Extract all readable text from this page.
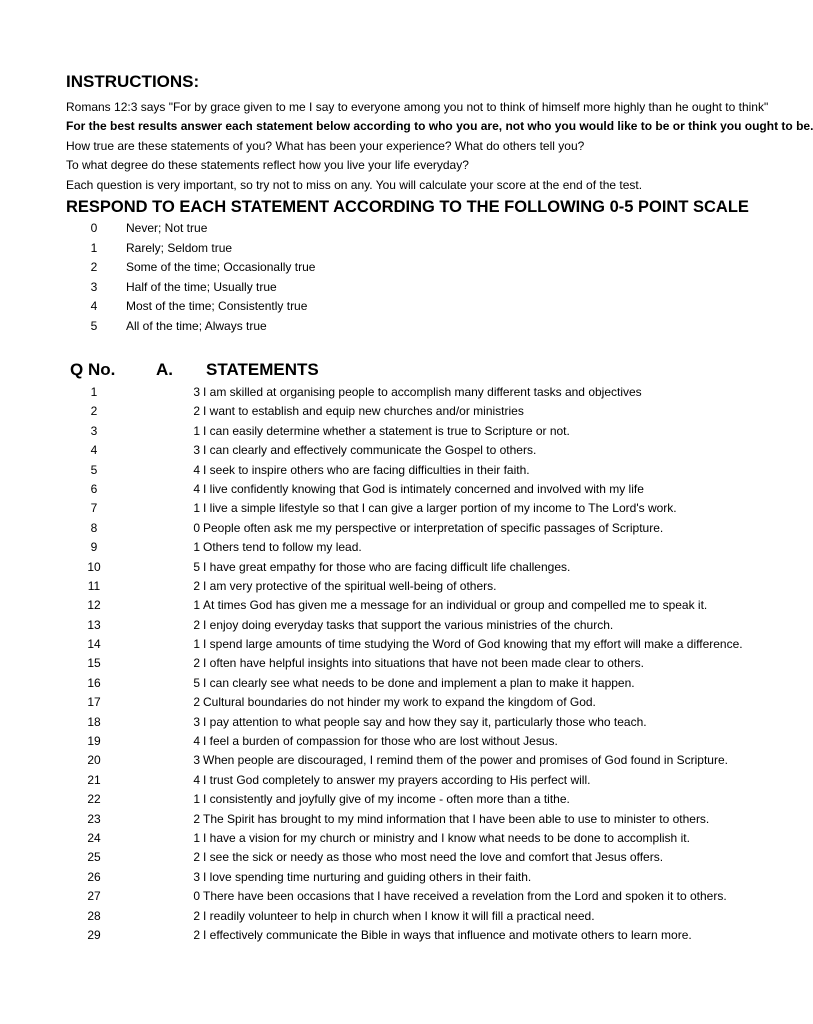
INSTRUCTIONS:
Romans 12:3 says "For by grace given to me I say to everyone among you not to think of himself more highly than he ought to think"
For the best results answer each statement below according to who you are, not who you would like to be or think you ought to be.
How true are these statements of you? What has been your experience? What do others tell you?
To what degree do these statements reflect how you live your life everyday?
Each question is very important, so try not to miss on any. You will calculate your score at the end of the test.
RESPOND TO EACH STATEMENT ACCORDING TO THE FOLLOWING 0-5 POINT SCALE
0 Never; Not true
1 Rarely; Seldom true
2 Some of the time; Occasionally true
3 Half of the time; Usually true
4 Most of the time; Consistently true
5 All of the time; Always true
Q No. A. STATEMENTS
1	3 I am skilled at organising people to accomplish many different tasks and objectives
2	2 I want to establish and equip new churches and/or ministries
3	1 I can easily determine whether a statement is true to Scripture or not.
4	3 I can clearly and effectively communicate the Gospel to others.
5	4 I seek to inspire others who are facing difficulties in their faith.
6	4 I live confidently knowing that God is intimately concerned and involved with my life
7	1 I live a simple lifestyle so that I can give a larger portion of my income to The Lord's work.
8	0 People often ask me my perspective or interpretation of specific passages of Scripture.
9	1 Others tend to follow my lead.
10	5 I have great empathy for those who are facing difficult life challenges.
11	2 I am very protective of the spiritual well-being of others.
12	1 At times God has given me a message for an individual or group and compelled me to speak it.
13	2 I enjoy doing everyday tasks that support the various ministries of the church.
14	1 I spend large amounts of time studying the Word of God knowing that my effort will make a difference.
15	2 I often have helpful insights into situations that have not been made clear to others.
16	5 I can clearly see what needs to be done and implement a plan to make it happen.
17	2 Cultural boundaries do not hinder my work to expand the kingdom of God.
18	3 I pay attention to what people say and how they say it, particularly those who teach.
19	4 I feel a burden of compassion for those who are lost without Jesus.
20	3 When people are discouraged, I remind them of the power and promises of God found in Scripture.
21	4 I trust God completely to answer my prayers according to His perfect will.
22	1 I consistently and joyfully give of my income - often more than a tithe.
23	2 The Spirit has brought to my mind information that I have been able to use to minister to others.
24	1 I have a vision for my church or ministry and I know what needs to be done to accomplish it.
25	2 I see the sick or needy as those who most need the love and comfort that Jesus offers.
26	3 I love spending time nurturing and guiding others in their faith.
27	0 There have been occasions that I have received a revelation from the Lord and spoken it to others.
28	2 I readily volunteer to help in church when I know it will fill a practical need.
29	2 I effectively communicate the Bible in ways that influence and motivate others to learn more.
